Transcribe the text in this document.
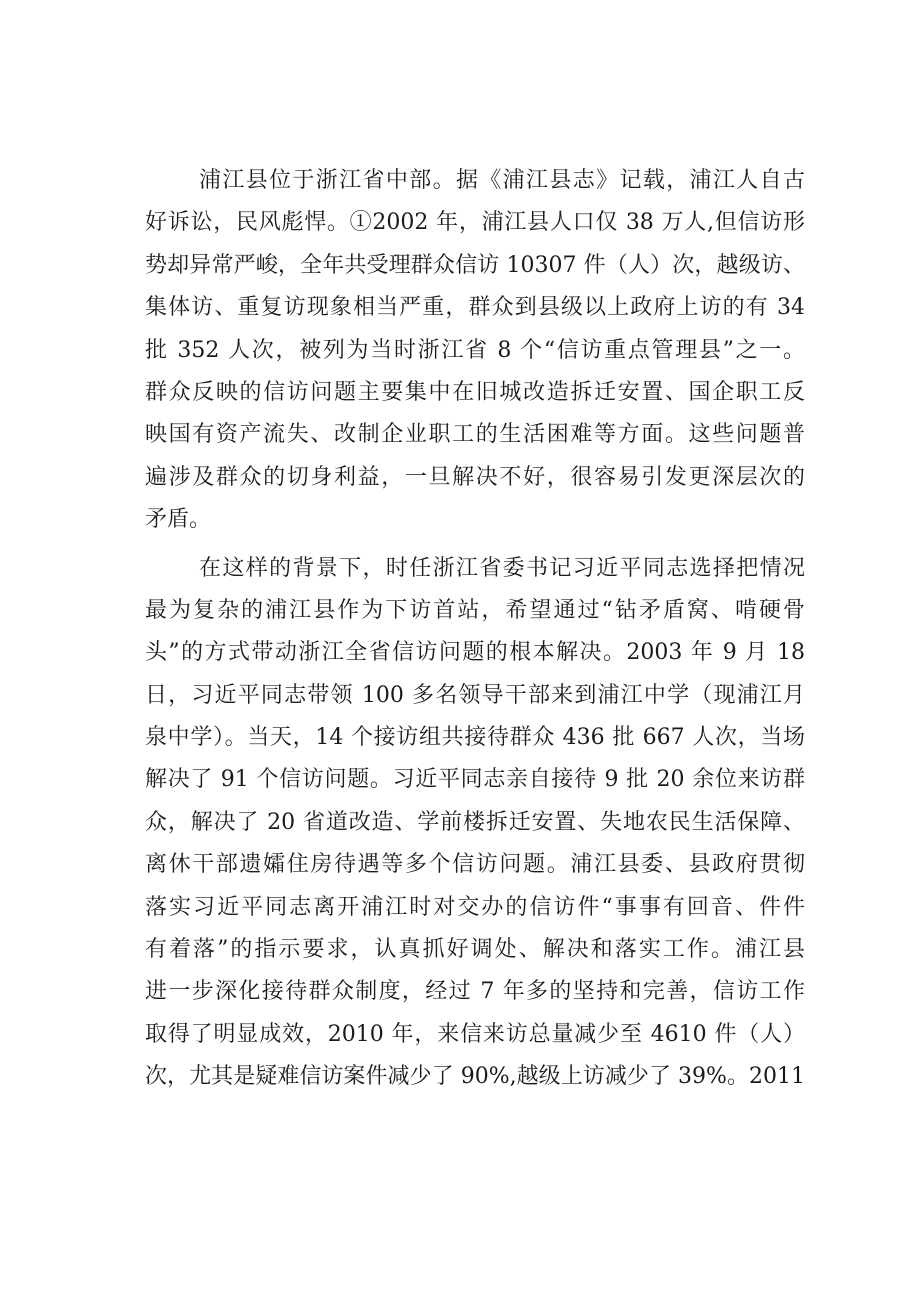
浦江县位于浙江省中部。据《浦江县志》记载，浦江人自古
好诉讼，民风彪悍。①2002 年，浦江县人口仅 38 万人,但信访形
势却异常严峻，全年共受理群众信访 10307 件（人）次，越级访、
集体访、重复访现象相当严重，群众到县级以上政府上访的有 34
批 352 人次，被列为当时浙江省 8 个“信访重点管理县”之一。
群众反映的信访问题主要集中在旧城改造拆迁安置、国企职工反
映国有资产流失、改制企业职工的生活困难等方面。这些问题普
遍涉及群众的切身利益，一旦解决不好，很容易引发更深层次的
矛盾。
在这样的背景下，时任浙江省委书记习近平同志选择把情况
最为复杂的浦江县作为下访首站，希望通过“钻矛盾窝、啃硬骨
头”的方式带动浙江全省信访问题的根本解决。2003 年 9 月 18
日，习近平同志带领 100 多名领导干部来到浦江中学（现浦江月
泉中学）。当天，14 个接访组共接待群众 436 批 667 人次，当场
解决了 91 个信访问题。习近平同志亲自接待 9 批 20 余位来访群
众，解决了 20 省道改造、学前楼拆迁安置、失地农民生活保障、
离休干部遗孀住房待遇等多个信访问题。浦江县委、县政府贯彻
落实习近平同志离开浦江时对交办的信访件“事事有回音、件件
有着落”的指示要求，认真抓好调处、解决和落实工作。浦江县
进一步深化接待群众制度，经过 7 年多的坚持和完善，信访工作
取得了明显成效，2010 年，来信来访总量减少至 4610 件（人）
次，尤其是疑难信访案件减少了 90%,越级上访减少了 39%。2011
